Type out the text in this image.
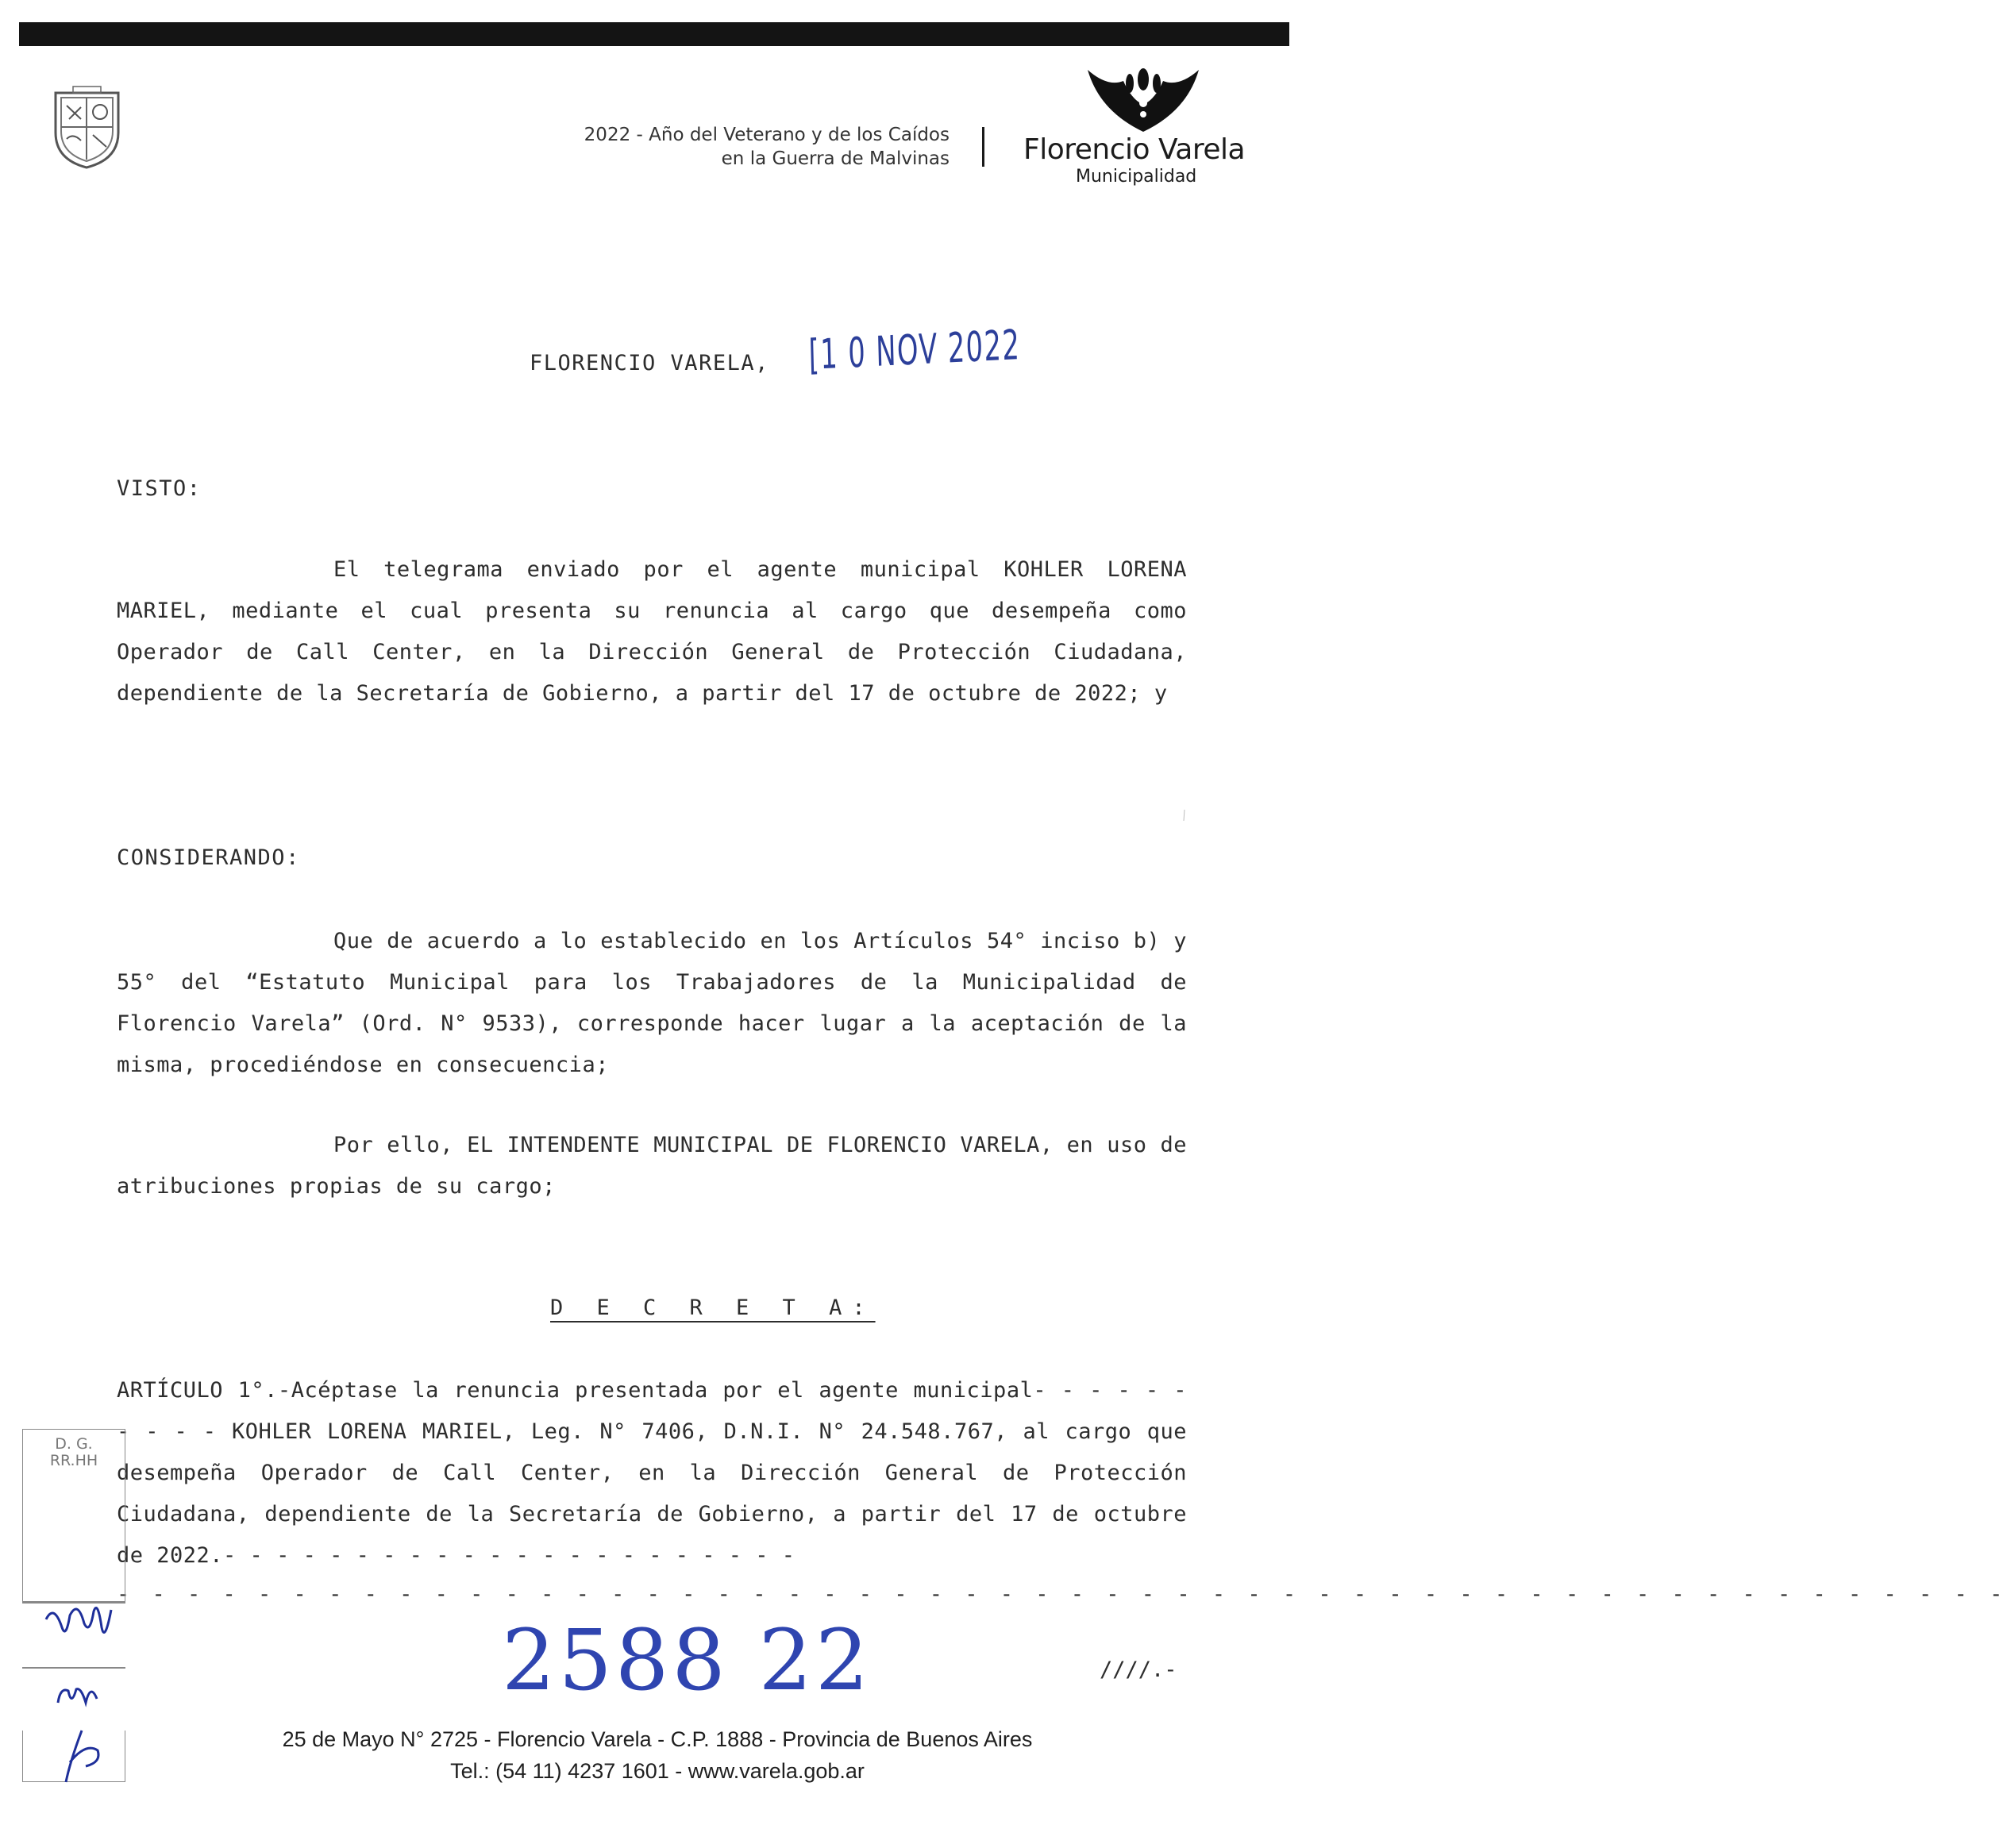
2022 - Año del Veterano y de los Caídos
en la Guerra de Malvinas	Florencio Varela
Municipalidad
FLORENCIO VARELA, [1 0 NOV 2022
VISTO:
El telegrama enviado por el agente municipal KOHLER LORENA MARIEL, mediante el cual presenta su renuncia al cargo que desempeña como Operador de Call Center, en la Dirección General de Protección Ciudadana, dependiente de la Secretaría de Gobierno, a partir del 17 de octubre de 2022; y
CONSIDERANDO:
Que de acuerdo a lo establecido en los Artículos 54° inciso b) y 55° del “Estatuto Municipal para los Trabajadores de la Municipalidad de Florencio Varela” (Ord. N° 9533), corresponde hacer lugar a la aceptación de la misma, procediéndose en consecuencia;
Por ello, EL INTENDENTE MUNICIPAL DE FLORENCIO VARELA, en uso de atribuciones propias de su cargo;
D E C R E T A:
ARTÍCULO 1°.-Acéptase la renuncia presentada por el agente municipal- - - - - - - - - - KOHLER LORENA MARIEL, Leg. N° 7406, D.N.I. N° 24.548.767, al cargo que desempeña Operador de Call Center, en la Dirección General de Protección Ciudadana, dependiente de la Secretaría de Gobierno, a partir del 17 de octubre de 2022.- - - - - - - - - - - - - - - - - - - - - -
- - - - - - - - - - - - - - - - - - - - - - - - - - - - - - - - - - - - - - - - - - - - - - - - - - - - - -
2588 22	////.-
D. G.
RR.HH
25 de Mayo N° 2725 - Florencio Varela - C.P. 1888 - Provincia de Buenos Aires
Tel.: (54 11) 4237 1601 - www.varela.gob.ar
